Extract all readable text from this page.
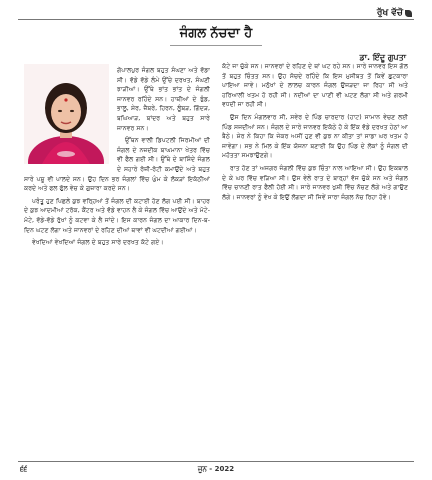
ਰੁੱਖ ਵੱਚੋ
ਜੰਗਲ ਨੱਚਦਾ ਹੈ
ਡਾ. ਇੰਦੂ ਗੁਪਤਾ

ਗੋਪਾਲਪੁਰ ਜੰਗਲ ਬਹੁਤ ਸੰਘਣਾ ਅਤੇ ਵੱਡਾ ਸੀ। ਵੱਡੇ ਵੱਡੇ ਲੰਮੇ ਉੱਚੇ ਦਰਖਤ, ਸੰਘਣੀ ਝਾੜੀਆਂ। ਉੱਥੇ ਭਾਂਤ ਭਾਂਤ ਦੇ ਜੰਗਲੀ ਜਾਨਵਰ ਰਹਿੰਦੇ ਸਨ। ਹਾਥੀਆਂ ਦੇ ਝੁੰਡ, ਭਾਲੂ, ਸ਼ੇਰ, ਜ਼ੈਬਰੇ, ਹਿਰਨ, ਲੂੰਬੜ, ਗਿੱਦੜ, ਬਘਿਆੜ, ਬਾਂਦਰ ਅਤੇ ਬਹੁਤ ਸਾਰੇ ਜਾਨਵਰ ਸਨ।

ਉੱਥਨ ਵਾਲੀ ਡਿਪਟਲੀ ਜਿਰਮੀਆਂ ਦੀ ਜੰਗਲ ਦੇ ਨਜ਼ਦੀਕ ਬਾਘਮਾਨਾ ਖੇਤਰ ਵਿੱਚ ਵੀ ਫੈਲ ਗਈ ਸੀ। ਉੱਥੇ ਦੇ ਬਾਸ਼ਿੰਦੇ ਜੰਗਲ ਦੇ ਸਹਾਰੇ ਰੋਜ਼ੀ-ਰੋਟੀ ਕਮਾਉਂਦੇ ਅਤੇ ਬਹੁਤ ਸਾਰੇ ਪਸ਼ੂ ਵੀ ਪਾਲਦੇ ਸਨ। ਉਹ ਦਿਨ ਭਰ ਜੰਗਲਾਂ ਵਿੱਚ ਘੁੰਮ ਕੇ ਲੱਕੜਾਂ ਇਕੱਠੀਆਂ ਕਰਦੇ ਅਤੇ ਫਲ ਫੁੱਲ ਵੇਚ ਕੇ ਗੁਜ਼ਾਰਾ ਕਰਦੇ ਸਨ।

ਪਰੰਤੂ ਹੁਣ ਪਿਛਲੇ ਕੁਝ ਵਰ੍ਹਿਆਂ ਤੋਂ ਜੰਗਲ ਦੀ ਕਟਾਈ ਹੋਣ ਲੱਗ ਪਈ ਸੀ। ਬਾਹਰ ਦੇ ਕੁਝ ਆਦਮੀਆਂ ਟਰੱਕ, ਕੈਂਟਰ ਅਤੇ ਵੱਡੇ ਵਾਹਨ ਲੈ ਕੇ ਜੰਗਲ ਵਿੱਚ ਆਉਂਦੇ ਅਤੇ ਮੋਟੇ-ਮੋਟੇ, ਵੱਡੇ-ਵੱਡੇ ਰੁੱਖਾਂ ਨੂੰ ਕਟਵਾ ਕੇ ਲੈ ਜਾਂਦੇ। ਇਸ ਕਾਰਨ ਜੰਗਲ ਦਾ ਆਕਾਰ ਦਿਨ-ਬ-ਦਿਨ ਘਟਣ ਲੱਗਾ ਅਤੇ ਜਾਨਵਰਾਂ ਦੇ ਰਹਿਣ ਦੀਆਂ ਥਾਵਾਂ ਵੀ ਘਟਦੀਆਂ ਗਈਆਂ।

ਵੇਖਦਿਆਂ ਵੇਖਦਿਆਂ ਜੰਗਲ ਦੇ ਬਹੁਤ ਸਾਰੇ ਦਰਖਤ ਕੱਟੇ ਗਏ।

ਕੱਟੇ ਜਾ ਚੁੱਕੇ ਸਨ। ਜਾਨਵਰਾਂ ਦੇ ਰਹਿਣ ਦੇ ਥਾਂ ਘਟ ਰਹੇ ਸਨ। ਸਾਰੇ ਜਾਨਵਰ ਇਸ ਗੱਲ ਤੋਂ ਬਹੁਤ ਚਿੰਤਤ ਸਨ। ਉਹ ਸੋਚਦੇ ਰਹਿੰਦੇ ਕਿ ਇਸ ਮੁਸੀਬਤ ਤੋਂ ਕਿਵੇਂ ਛੁਟਕਾਰਾ ਪਾਇਆ ਜਾਵੇ। ਮਨੁੱਖਾਂ ਦੇ ਲਾਲਚ ਕਾਰਨ ਜੰਗਲ ਉਜੜਦਾ ਜਾ ਰਿਹਾ ਸੀ ਅਤੇ ਹਰਿਆਲੀ ਖਤਮ ਹੋ ਰਹੀ ਸੀ। ਨਦੀਆਂ ਦਾ ਪਾਣੀ ਵੀ ਘਟਣ ਲੱਗਾ ਸੀ ਅਤੇ ਗਰਮੀ ਵਧਦੀ ਜਾ ਰਹੀ ਸੀ।

ਉਸ ਦਿਨ ਮੰਗਲਵਾਰ ਸੀ, ਸਵੇਰ ਦੇ ਪਿੰਡ ਚਾਰਦਾਰ (ਹਾਟ) ਸਾਮਾਨ ਵੇਚਣ ਲਈ ਪਿੰਡ ਸਜਦੀਆਂ ਸਨ। ਜੰਗਲ ਦੇ ਸਾਰੇ ਜਾਨਵਰ ਇਕੱਠੇ ਹੋ ਕੇ ਇੱਕ ਵੱਡੇ ਦਰਖਤ ਹੇਠਾਂ ਆ ਬੈਠੇ। ਸ਼ੇਰ ਨੇ ਕਿਹਾ ਕਿ ਜੇਕਰ ਅਸੀਂ ਹੁਣ ਵੀ ਕੁਝ ਨਾ ਕੀਤਾ ਤਾਂ ਸਾਡਾ ਘਰ ਖਤਮ ਹੋ ਜਾਵੇਗਾ। ਸਭ ਨੇ ਮਿਲ ਕੇ ਇੱਕ ਯੋਜਨਾ ਬਣਾਈ ਕਿ ਉਹ ਪਿੰਡ ਦੇ ਲੋਕਾਂ ਨੂੰ ਜੰਗਲ ਦੀ ਮਹੱਤਤਾ ਸਮਝਾਉਣਗੇ।

ਰਾਤ ਹੋਣ ਤਾਂ ਅਜਗਰ ਜੰਗਲੀ ਵਿੱਚ ਕੁਝ ਚਿੰਤਾ ਨਾਲ ਆਇਆ ਸੀ। ਉਹ ਇਕਬਾਲ ਦੇ ਕੇ ਘਰ ਵਿੱਚ ਵੜਿਆ ਸੀ। ਉਸ ਵੇਲੇ ਰਾਤ ਦੇ ਬਾਰ੍ਹਾਂ ਵੱਜ ਚੁੱਕੇ ਸਨ ਅਤੇ ਜੰਗਲ ਵਿੱਚ ਚਾਨਣੀ ਰਾਤ ਫੈਲੀ ਹੋਈ ਸੀ। ਸਾਰੇ ਜਾਨਵਰ ਖੁਸ਼ੀ ਵਿੱਚ ਨੱਚਣ ਲੱਗੇ ਅਤੇ ਗਾਉਣ ਲੱਗੇ। ਜਾਨਵਰਾਂ ਨੂੰ ਵੇਖ ਕੇ ਇਉਂ ਲੱਗਦਾ ਸੀ ਜਿਵੇਂ ਸਾਰਾ ਜੰਗਲ ਨੱਚ ਰਿਹਾ ਹੋਵੇ।

੬੬	ਜੂਨ - 2022
